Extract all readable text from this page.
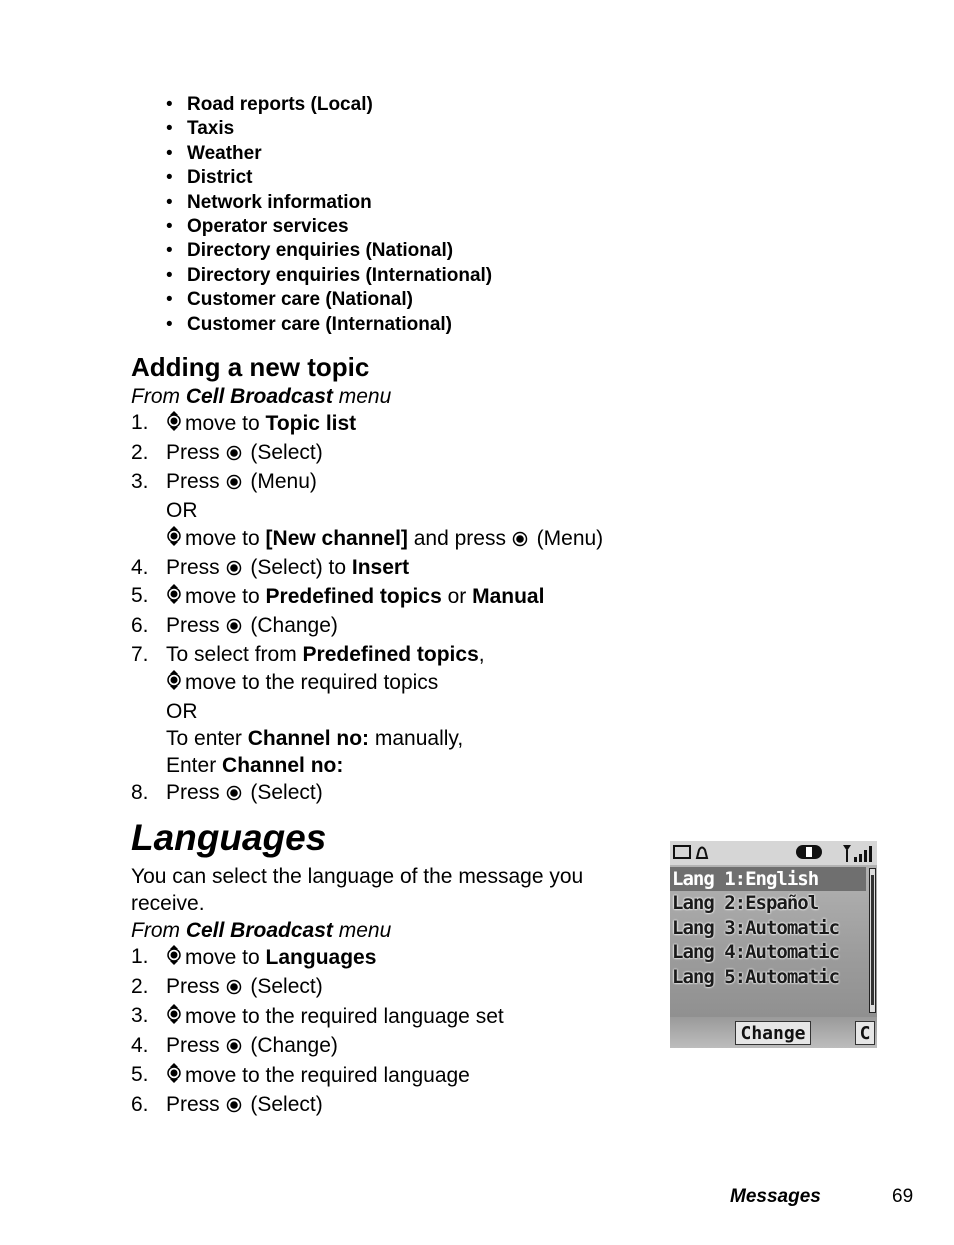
• Road reports (Local)
• Taxis
• Weather
• District
• Network information
• Operator services
• Directory enquiries (National)
• Directory enquiries (International)
• Customer care (National)
• Customer care (International)
Adding a new topic
From Cell Broadcast menu
1. move to Topic list
2. Press  (Select)
3. Press  (Menu)
OR
move to [New channel] and press  (Menu)
4. Press  (Select) to Insert
5. move to Predefined topics or Manual
6. Press  (Change)
7. To select from Predefined topics,
move to the required topics
OR
To enter Channel no: manually,
Enter Channel no:
8. Press  (Select)
Languages

You can select the language of the message you receive.

From Cell Broadcast menu
1. move to Languages
2. Press  (Select)
3. move to the required language set
4. Press  (Change)
5. move to the required language
6. Press  (Select)
Lang 1:English
Lang 2:Español
Lang 3:Automatic
Lang 4:Automatic
Lang 5:Automatic
Change	C
Messages	69
